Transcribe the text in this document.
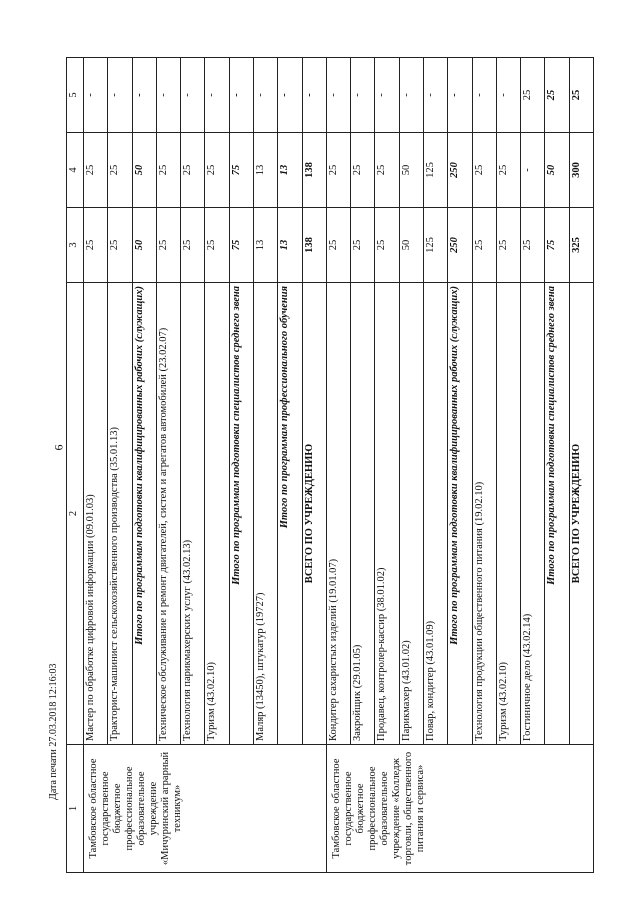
6
Дата печати 27.03.2018 12:16:03
1	2	3	4	5
Тамбовское областное государственное бюджетное профессиональное образовательное учреждение «Мичуринский аграрный техникум»	Мастер по обработке цифровой информации (09.01.03)	25	25	-
	Тракторист-машинист сельскохозяйственного производства (35.01.13)	25	25	-
	Итого по программам подготовки квалифицированных рабочих (служащих)	50	50	-
	Техническое обслуживание и ремонт двигателей, систем и агрегатов автомобилей (23.02.07)	25	25	-
	Технология парикмахерских услуг (43.02.13)	25	25	-
	Туризм (43.02.10)	25	25	-
	Итого по программам подготовки специалистов среднего звена	75	75	-
	Маляр (13450), штукатур (19727)	13	13	-
	Итого по программам профессионального обучения	13	13	-
	ВСЕГО ПО УЧРЕЖДЕНИЮ	138	138	-
Тамбовское областное государственное бюджетное профессиональное образовательное учреждение «Колледж торговли, общественного питания и сервиса»	Кондитер сахаристых изделий (19.01.07)	25	25	-
	Закройщик (29.01.05)	25	25	-
	Продавец, контролер-кассир (38.01.02)	25	25	-
	Парикмахер (43.01.02)	50	50	-
	Повар, кондитер (43.01.09)	125	125	-
	Итого по программам подготовки квалифицированных рабочих (служащих)	250	250	-
	Технология продукции общественного питания (19.02.10)	25	25	-
	Туризм (43.02.10)	25	25	-
	Гостиничное дело (43.02.14)	25	-	25
	Итого по программам подготовки специалистов среднего звена	75	50	25
	ВСЕГО ПО УЧРЕЖДЕНИЮ	325	300	25
